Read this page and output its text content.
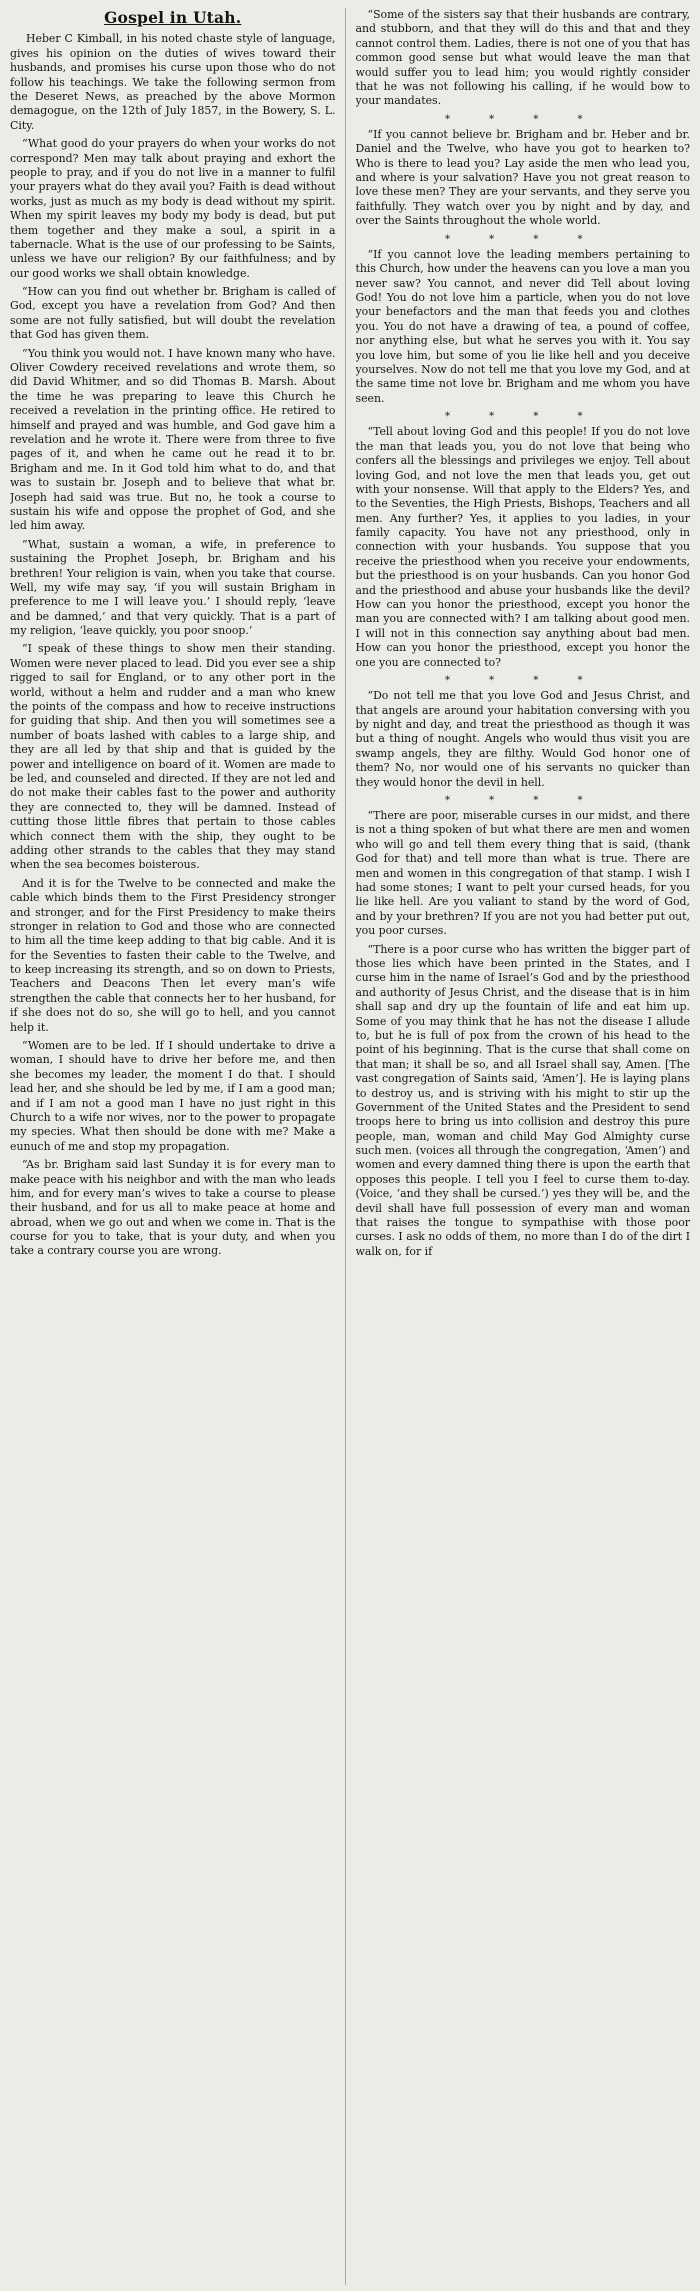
Gospel in Utah.

Heber C Kimball, in his noted chaste style of language, gives his opinion on the duties of wives toward their husbands, and promises his curse upon those who do not follow his teachings. We take the following sermon from the Deseret News, as preached by the above Mormon demagogue, on the 12th of July 1857, in the Bowery, S. L. City.

“What good do your prayers do when your works do not correspond? Men may talk about praying and exhort the people to pray, and if you do not live in a manner to fulfil your prayers what do they avail you? Faith is dead without works, just as much as my body is dead without my spirit. When my spirit leaves my body my body is dead, but put them together and they make a soul, a spirit in a tabernacle. What is the use of our professing to be Saints, unless we have our religion? By our faithfulness; and by our good works we shall obtain knowledge.

“How can you find out whether br. Brigham is called of God, except you have a revelation from God? And then some are not fully satisfied, but will doubt the revelation that God has given them.

“You think you would not. I have known many who have. Oliver Cowdery received revelations and wrote them, so did David Whitmer, and so did Thomas B. Marsh. About the time he was preparing to leave this Church he received a revelation in the printing office. He retired to himself and prayed and was humble, and God gave him a revelation and he wrote it. There were from three to five pages of it, and when he came out he read it to br. Brigham and me. In it God told him what to do, and that was to sustain br. Joseph and to believe that what br. Joseph had said was true. But no, he took a course to sustain his wife and oppose the prophet of God, and she led him away.

“What, sustain a woman, a wife, in preference to sustaining the Prophet Joseph, br. Brigham and his brethren! Your religion is vain, when you take that course. Well, my wife may say, ‘if you will sustain Brigham in preference to me I will leave you.’ I should reply, ‘leave and be damned,’ and that very quickly. That is a part of my religion, ‘leave quickly, you poor snoop.’

“I speak of these things to show men their standing. Women were never placed to lead. Did you ever see a ship rigged to sail for England, or to any other port in the world, without a helm and rudder and a man who knew the points of the compass and how to receive instructions for guiding that ship. And then you will sometimes see a number of boats lashed with cables to a large ship, and they are all led by that ship and that is guided by the power and intelligence on board of it. Women are made to be led, and counseled and directed. If they are not led and do not make their cables fast to the power and authority they are connected to, they will be damned. Instead of cutting those little fibres that pertain to those cables which connect them with the ship, they ought to be adding other strands to the cables that they may stand when the sea becomes boisterous.

And it is for the Twelve to be connected and make the cable which binds them to the First Presidency stronger and stronger, and for the First Presidency to make theirs stronger in relation to God and those who are connected to him all the time keep adding to that big cable. And it is for the Seventies to fasten their cable to the Twelve, and to keep increasing its strength, and so on down to Priests, Teachers and Deacons Then let every man’s wife strengthen the cable that connects her to her husband, for if she does not do so, she will go to hell, and you cannot help it.

“Women are to be led. If I should undertake to drive a woman, I should have to drive her before me, and then she becomes my leader, the moment I do that. I should lead her, and she should be led by me, if I am a good man; and if I am not a good man I have no just right in this Church to a wife nor wives, nor to the power to propagate my species. What then should be done with me? Make a eunuch of me and stop my propagation.

“As br. Brigham said last Sunday it is for every man to make peace with his neighbor and with the man who leads him, and for every man’s wives to take a course to please their husband, and for us all to make peace at home and abroad, when we go out and when we come in. That is the course for you to take, that is your duty, and when you take a contrary course you are wrong.

“Some of the sisters say that their husbands are contrary, and stubborn, and that they will do this and that and they cannot control them. Ladies, there is not one of you that has common good sense but what would leave the man that would suffer you to lead him; you would rightly consider that he was not following his calling, if he would bow to your mandates.

* * * *

“If you cannot believe br. Brigham and br. Heber and br. Daniel and the Twelve, who have you got to hearken to? Who is there to lead you? Lay aside the men who lead you, and where is your salvation? Have you not great reason to love these men? They are your servants, and they serve you faithfully. They watch over you by night and by day, and over the Saints throughout the whole world.

* * * *

“If you cannot love the leading members pertaining to this Church, how under the heavens can you love a man you never saw? You cannot, and never did Tell about loving God! You do not love him a particle, when you do not love your benefactors and the man that feeds you and clothes you. You do not have a drawing of tea, a pound of coffee, nor anything else, but what he serves you with it. You say you love him, but some of you lie like hell and you deceive yourselves. Now do not tell me that you love my God, and at the same time not love br. Brigham and me whom you have seen.

* * * *

“Tell about loving God and this people! If you do not love the man that leads you, you do not love that being who confers all the blessings and privileges we enjoy. Tell about loving God, and not love the men that leads you, get out with your nonsense. Will that apply to the Elders? Yes, and to the Seventies, the High Priests, Bishops, Teachers and all men. Any further? Yes, it applies to you ladies, in your family capacity. You have not any priesthood, only in connection with your husbands. You suppose that you receive the priesthood when you receive your endowments, but the priesthood is on your husbands. Can you honor God and the priesthood and abuse your husbands like the devil? How can you honor the priesthood, except you honor the man you are connected with? I am talking about good men. I will not in this connection say anything about bad men. How can you honor the priesthood, except you honor the one you are connected to?

* * * *

“Do not tell me that you love God and Jesus Christ, and that angels are around your habitation conversing with you by night and day, and treat the priesthood as though it was but a thing of nought. Angels who would thus visit you are swamp angels, they are filthy. Would God honor one of them? No, nor would one of his servants no quicker than they would honor the devil in hell.

* * * *

“There are poor, miserable curses in our midst, and there is not a thing spoken of but what there are men and women who will go and tell them every thing that is said, (thank God for that) and tell more than what is true. There are men and women in this congregation of that stamp. I wish I had some stones; I want to pelt your cursed heads, for you lie like hell. Are you valiant to stand by the word of God, and by your brethren? If you are not you had better put out, you poor curses.

“There is a poor curse who has written the bigger part of those lies which have been printed in the States, and I curse him in the name of Israel’s God and by the priesthood and authority of Jesus Christ, and the disease that is in him shall sap and dry up the fountain of life and eat him up. Some of you may think that he has not the disease I allude to, but he is full of pox from the crown of his head to the point of his beginning. That is the curse that shall come on that man; it shall be so, and all Israel shall say, Amen. [The vast congregation of Saints said, ‘Amen’]. He is laying plans to destroy us, and is striving with his might to stir up the Government of the United States and the President to send troops here to bring us into collision and destroy this pure people, man, woman and child May God Almighty curse such men. (voices all through the congregation, ‘Amen’) and women and every damned thing there is upon the earth that opposes this people. I tell you I feel to curse them to-day. (Voice, ‘and they shall be cursed.’) yes they will be, and the devil shall have full possession of every man and woman that raises the tongue to sympathise with those poor curses. I ask no odds of them, no more than I do of the dirt I walk on, for if
